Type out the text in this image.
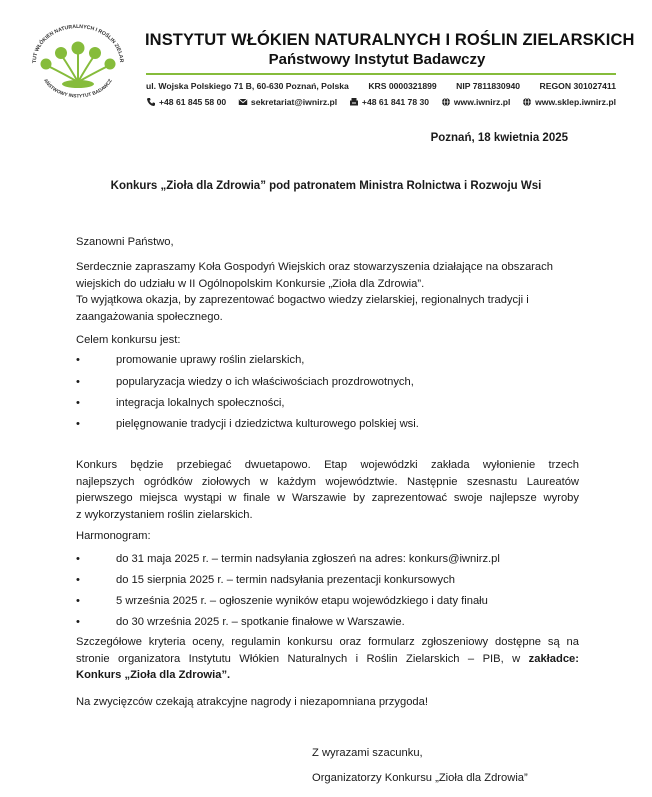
TUT WŁÓKIEN NATURALNYCH I ROŚLIN ZIELAR
AŃSTWOWY INSTYTUT BADAWCZ
INSTYTUT WŁÓKIEN NATURALNYCH I ROŚLIN ZIELARSKICH
Państwowy Instytut Badawczy
ul. Wojska Polskiego 71 B, 60-630 Poznań, Polska KRS 0000321899 NIP 7811830940 REGON 301027411
+48 61 845 58 00	sekretariat@iwnirz.pl	+48 61 841 78 30	www.iwnirz.pl	www.sklep.iwnirz.pl
Poznań, 18 kwietnia 2025
Konkurs „Zioła dla Zdrowia” pod patronatem Ministra Rolnictwa i Rozwoju Wsi
Szanowni Państwo,
Serdecznie zapraszamy Koła Gospodyń Wiejskich oraz stowarzyszenia działające na obszarach
wiejskich do udziału w II Ogólnopolskim Konkursie „Zioła dla Zdrowia”.
To wyjątkowa okazja, by zaprezentować bogactwo wiedzy zielarskiej, regionalnych tradycji i
zaangażowania społecznego.
Celem konkursu jest:
•	promowanie uprawy roślin zielarskich,
•	popularyzacja wiedzy o ich właściwościach prozdrowotnych,
•	integracja lokalnych społeczności,
•	pielęgnowanie tradycji i dziedzictwa kulturowego polskiej wsi.
Konkurs będzie przebiegać dwuetapowo. Etap wojewódzki zakłada wyłonienie trzech
najlepszych ogródków ziołowych w każdym województwie. Następnie szesnastu Laureatów
pierwszego miejsca wystąpi w finale w Warszawie by zaprezentować swoje najlepsze wyroby
z wykorzystaniem roślin zielarskich.
Harmonogram:
•	do 31 maja 2025 r. – termin nadsyłania zgłoszeń na adres: konkurs@iwnirz.pl
•	do 15 sierpnia 2025 r. – termin nadsyłania prezentacji konkursowych
•	5 września 2025 r. – ogłoszenie wyników etapu wojewódzkiego i daty finału
•	do 30 września 2025 r. – spotkanie finałowe w Warszawie.
Szczegółowe kryteria oceny, regulamin konkursu oraz formularz zgłoszeniowy dostępne są na
stronie organizatora Instytutu Włókien Naturalnych i Roślin Zielarskich – PIB, w zakładce:
Konkurs „Zioła dla Zdrowia”.
Na zwycięzców czekają atrakcyjne nagrody i niezapomniana przygoda!
Z wyrazami szacunku,
Organizatorzy Konkursu „Zioła dla Zdrowia”
